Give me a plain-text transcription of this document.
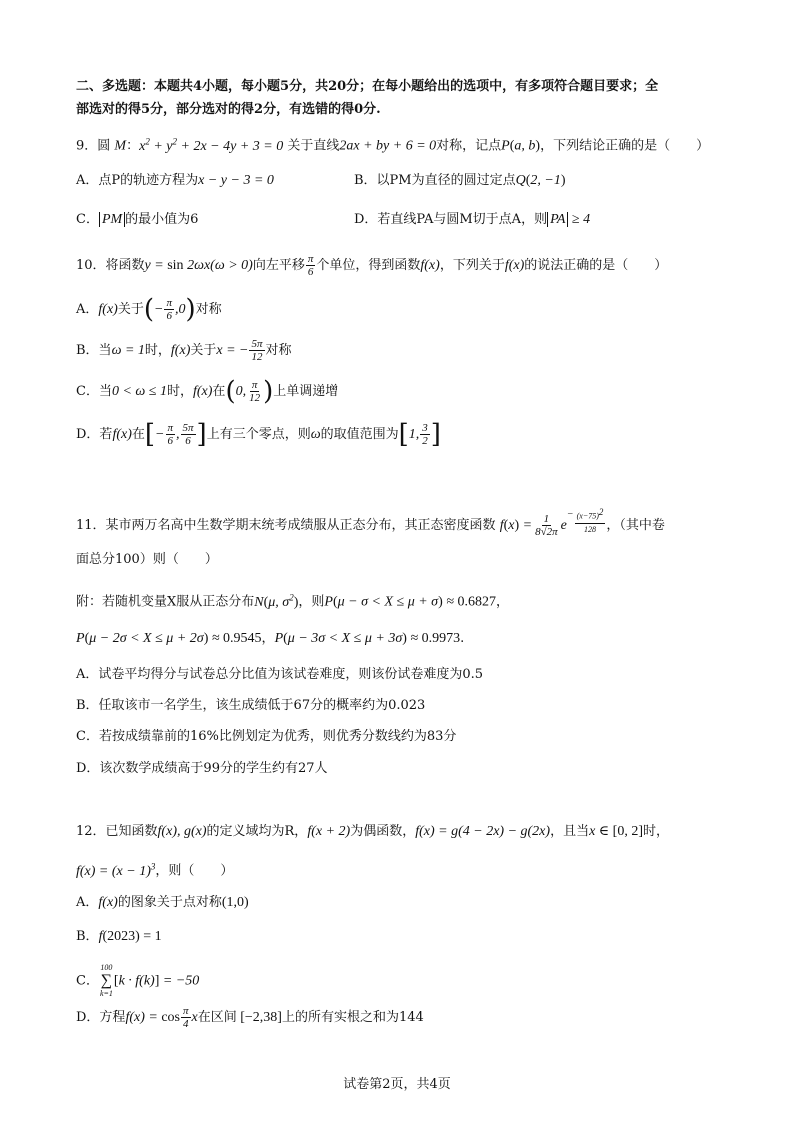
二、多选题：本题共4小题，每小题5分，共20分；在每小题给出的选项中，有多项符合题目要求；全
部选对的得5分，部分选对的得2分，有选错的得0分.
9．圆 M：$x^2 + y^2 + 2x - 4y + 3 = 0$ 关于直线2ax + by + 6 = 0对称，记点P(a, b)，下列结论正确的是（　　）
A．点P的轨迹方程为x − y − 3 = 0	B．以PM为直径的圆过定点Q(2, −1)
C． PM 的最小值为6	D．若直线PA与圆M切于点A，则 PA ≥ 4
10．将函数y = sin 2ωx(ω > 0)向左平移 $\frac{\pi}{6}$ 个单位，得到函数f(x)，下列关于f(x)的说法正确的是（　　）
A．f(x)关于(− $\frac{\pi}{6} ,0$)对称
B．当ω = 1时，f(x)关于x = − $\frac{5\pi}{12}$ 对称
C．当0 < ω ≤ 1时，f(x)在(0, $\frac{\pi}{12}$ )上单调递增
D．若f(x)在[− $\frac{\pi}{6}$ , $\frac{5\pi}{6}$ ]上有三个零点，则ω的取值范围为[1, $\frac{3}{2}$ ]
11．某市两万名高中生数学期末统考成绩服从正态分布，其正态密度函数 $f(x) = \frac{1}{8√2\pi} e^- \frac{(x-75)^2}{128}$ ，（其中卷
面总分100）则（　　）
附：若随机变量X服从正态分布N(μ, $\sigma^2$)，则P(μ − σ < X ≤ μ + σ) ≈ 0.6827，
P(μ − 2σ < X ≤ μ + 2σ) ≈ 0.9545，P(μ − 3σ < X ≤ μ + 3σ) ≈ 0.9973.
A．试卷平均得分与试卷总分比值为该试卷难度，则该份试卷难度为0.5
B．任取该市一名学生，该生成绩低于67分的概率约为0.023
C．若按成绩靠前的16%比例划定为优秀，则优秀分数线约为83分
D．该次数学成绩高于99分的学生约有27人
12．已知函数f(x), g(x)的定义域均为R，f(x + 2)为偶函数，f(x) = g(4 − 2x) − g(2x)，且当x ∈ [0, 2]时，
$f(x) = (x - 1)^3$，则（　　）
A．f(x)的图象关于点对称(1,0)
B．f(2023) = 1
C．
100
∑
k=1
[k · f(k)] = −50
D．方程$f(x) = \cos \frac{\pi}{4}$ x在区间 [−2,38]上的所有实根之和为144
试卷第2页，共4页
